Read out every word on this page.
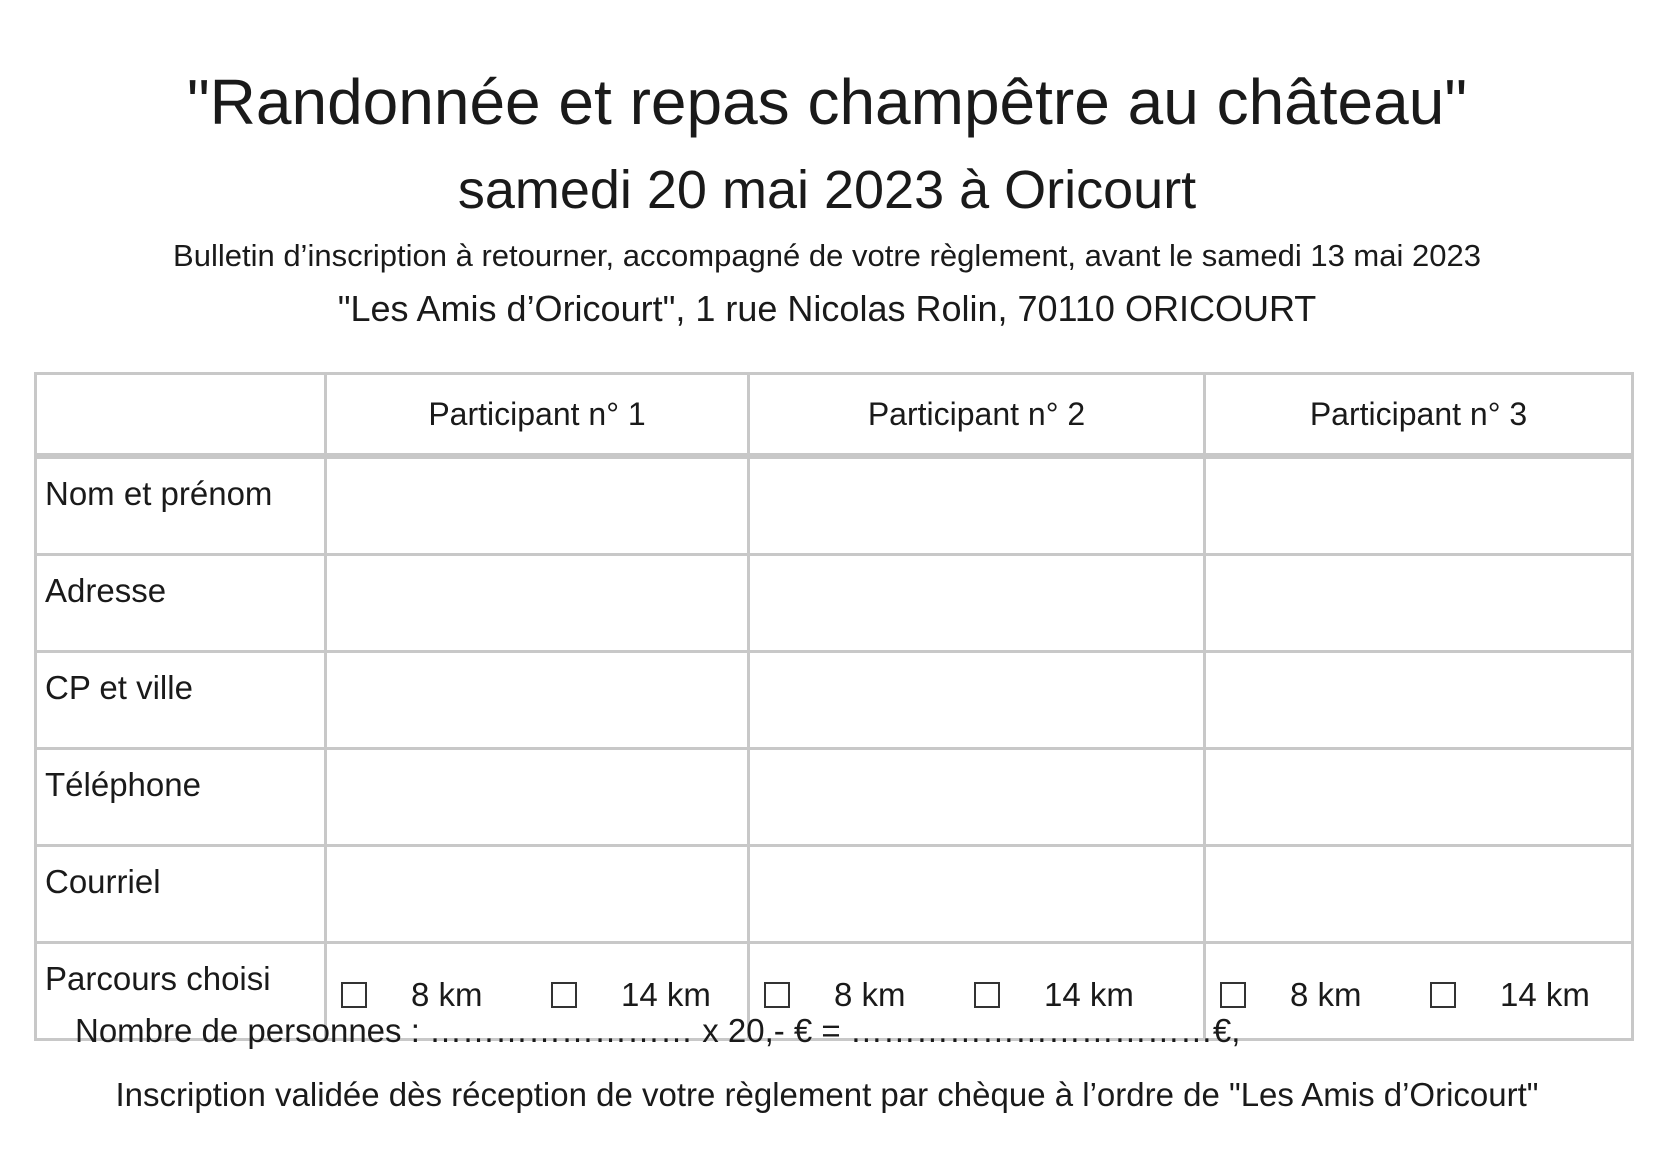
"Randonnée et repas champêtre au château"
samedi 20 mai 2023 à Oricourt
Bulletin d’inscription à retourner, accompagné de votre règlement, avant le samedi 13 mai 2023
"Les Amis d’Oricourt", 1 rue Nicolas Rolin, 70110 ORICOURT
	Participant n° 1	Participant n° 2	Participant n° 3
Nom et prénom			
Adresse			
CP et ville			
Téléphone			
Courriel			
Parcours choisi	8 km 14 km	8 km 14 km	8 km 14 km
Nombre de personnes : …………………… x 20,- € = ……………………………€,
Inscription validée dès réception de votre règlement par chèque à l’ordre de "Les Amis d’Oricourt"
